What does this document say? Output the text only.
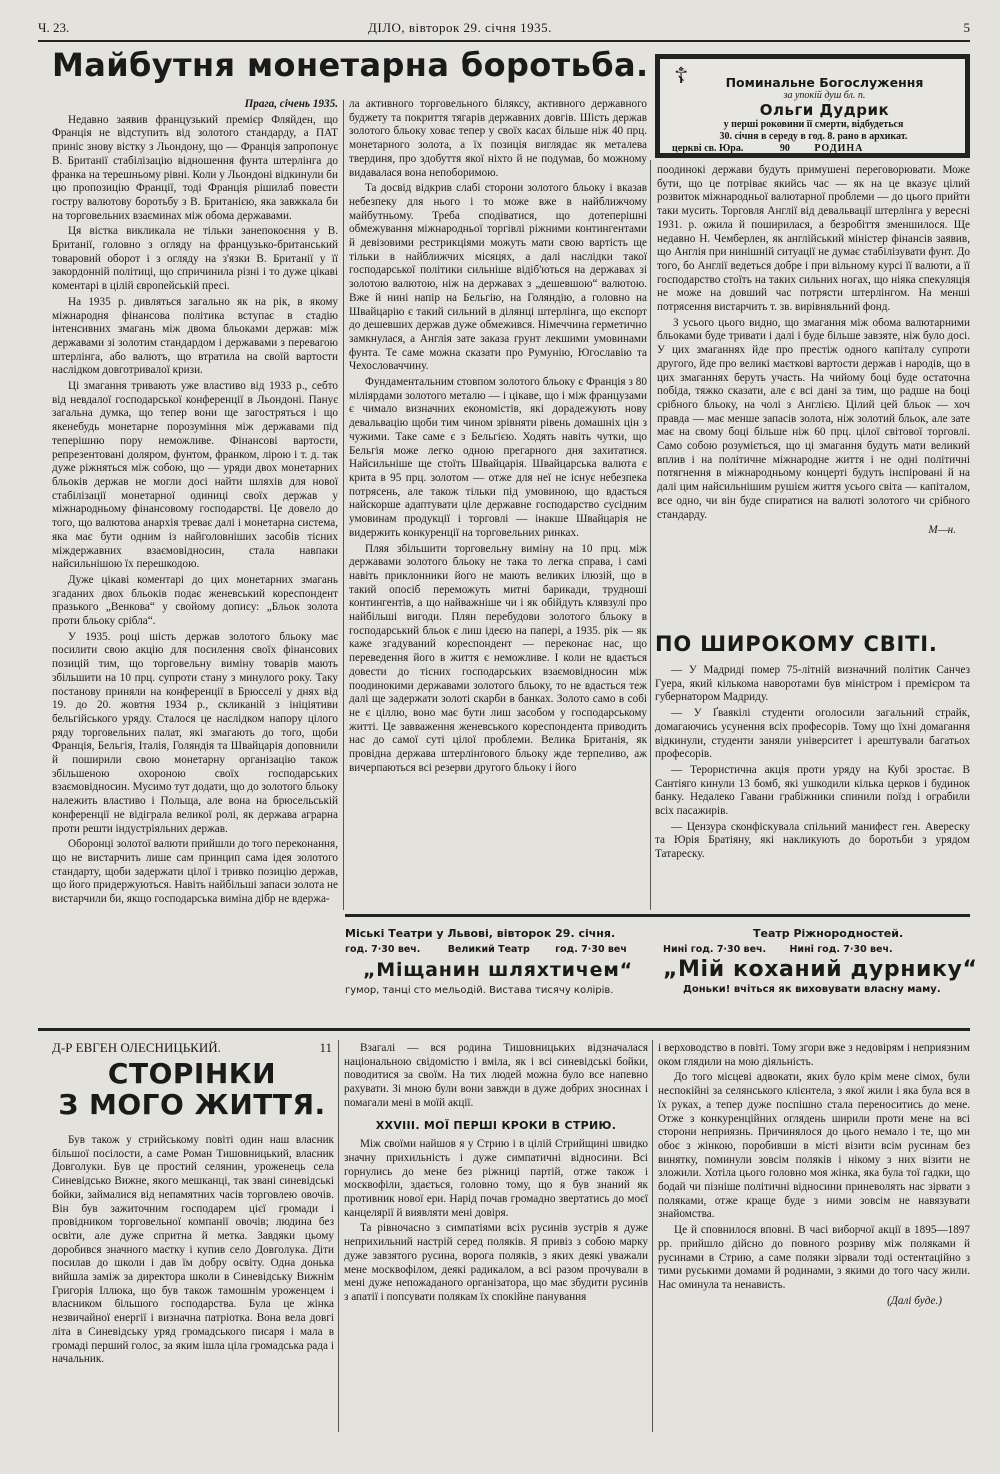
Ч. 23.	ДІЛО, вівторок 29. січня 1935.	5
Майбутня монетарна боротьба.
Прага, січень 1935.

Недавно заявив французький премієр Фляйден, що Франція не відступить від золотого стандарду, а ПАТ приніс знову вістку з Льондону, що — Франція запропонує В. Британії стабілізацію відношення фунта штерлінга до франка на терешньому рівні. Коли у Льондоні відкинули би цю пропозицію Франції, тоді Франція рішилаб повести гостру валютову боротьбу з В. Британією, яка завжкала би на торговельних взаєминах між обома державами.

Ця вістка викликала не тільки занепокоєння у В. Британії, головно з огляду на французько-британський товаровий оборот і з огляду на з'язки В. Британії у її закордонній політиці, що спричинила різні і то дуже цікаві коментарі в цілій європейській пресі.

На 1935 р. дивляться загально як на рік, в якому міжнародня фінансова політика вступає в стадію інтенсивних змагань між двома бльоками держав: між державами зі золотим стандардом і державами з перевагою штерлінга, або валютъ, що втратила на своїй вартости наслідком довготривалої кризи.

Ці змагання тривають уже властиво від 1933 р., себто від невдалої господарської конференції в Льондоні. Панує загальна думка, що тепер вони ще загостряться і що якенебудь монетарне порозуміння між державами під теперішню пору неможливе. Фінансові вартости, репрезентовані доляром, фунтом, франком, лірою і т. д. так дуже ріжняться між собою, що — уряди двох монетарних бльоків держав не могли досі найти шляхів для нової стабілізації монетарної одиниці своїх держав у міжнародньому фінансовому господарстві. Це довело до того, що валютова анархія треває далі і монетарна система, яка має бути одним із найголовніших засобів тісних міждержавних взаємовідносин, стала навпаки найсильнішою їх перешкодою.

Дуже цікаві коментарі до цих монетарних змагань згаданих двох бльоків подає женевський кореспондент празького „Венкова“ у свойому допису: „Бльок золота проти бльоку срібла“.

У 1935. році шість держав золотого бльоку має посилити свою акцію для посилення своїх фінансових позицій тим, що торговельну виміну товарів мають збільшити на 10 прц. супроти стану з минулого року. Таку постанову приняли на конференції в Брюсселі у днях від 19. до 20. жовтня 1934 р., скликаній з ініціятиви бельгійського уряду. Сталося це наслідком напору цілого ряду торговельних палат, які змагають до того, щоби Франція, Бельгія, Італія, Голяндія та Швайцарія доповнили й поширили свою монетарну організацію також збільшеною охороною своїх господарських взаємовідносин. Мусимо тут додати, що до золотого бльоку належить властиво і Польща, але вона на брюсельській конференції не відіграла великої ролі, як держава аграрна проти решти індустріяльних держав.

Оборонці золотої валюти прийшли до того переконання, що не вистарчить лише сам принцип сама ідея золотого стандарту, щоби задержати цілої і тривко позицію держав, що його придержуються. Навіть найбільші запаси золота не вистарчили би, якщо господарська виміна дібр не вдержа-

ла активного торговельного біляксу, активного державного буджету та покриття тягарів державних довгів. Шість держав золотого бльоку ховає тепер у своїх касах більше ніж 40 прц. монетарного золота, а їх позиція виглядає як металева твердиня, про здобуття якої ніхто й не подумав, бо можному видавалася вона непоборимою.

Та досвід відкрив слабі сторони золотого бльоку і вказав небезпеку для нього і то може вже в найближчому майбутньому. Треба сподіватися, що дотеперішні обмежування міжнародньої торгівлі ріжними контингентами й девізовими рестрикціями можуть мати свою вартість ще тільки в найближчих місяцях, а далі наслідки такої господарської політики сильніше відіб'ються на державах зі золотою валютою, ніж на державах з „дешевшою“ валютою. Вже й нині напір на Бельгію, на Голяндію, а головно на Швайцарію є такий сильний в ділянці штерлінга, що експорт до дешевших держав дуже обмежився. Німеччина герметично замкнулася, а Англія зате заказа грунт лекшими умовинами фунта. Те саме можна сказати про Румунію, Югославію та Чехословаччину.

Фундаментальним стовпом золотого бльоку є Франція з 80 міліярдами золотого металю — і цікаве, що і між французами є чимало визначних економістів, які дорадежують нову девальвацію щоби тим чином зрівняти рівень домашніх цін з чужими. Таке саме є з Бельгією. Ходять навіть чутки, що Бельгія може легко одною прегарного дня захитатися. Найсильніше ще стоїть Швайцарія. Швайцарська валюта є крита в 95 прц. золотом — отже для неї не існує небезпека потрясень, але також тільки під умовиною, що вдасться найскорше адаптувати ціле державне господарство сусідним умовинам продукції і торговлі — інакше Швайцарія не видержить конкуренції на торговельних ринках.

Пляя збільшити торговельну виміну на 10 прц. між державами золотого бльоку не така то легка справа, і самі навіть приклонники його не мають великих ілюзій, що в такий опосіб переможуть митні барикади, трудноші контингентів, а що найважніше чи і як обійдуть клявзулі про найбільші вигоди. Плян перебудови золотого бльоку в господарський бльок є лиш ідеєю на папері, а 1935. рік — як каже згадуваний кореспондент — переконає нас, що переведення його в життя є неможливе. І коли не вдається довести до тісних господарських взаємовідносин між поодинокими державами золотого бльоку, то не вдасться теж далі ще задержати золоті скарби в банках. Золото само в собі не є ціллю, воно має бути лиш засобом у господарському житті. Це завваження женевського кореспондента приводить нас до самої суті цілої проблеми. Велика Британія, як провідна держава штерлінґового бльоку жде терпеливо, аж вичерпаються всі резерви другого бльоку і його

☦	Поминальне Богослуження
за упокій душ бл. п.
Ольги Дудрик
у перші роковини її смерти, відбудеться
30. січня в середу в год. 8. рано в архикат.
церкві св. Юра.	90 РОДИНА

поодинокі держави будуть примушені переговорювати. Може бути, що це потріває якийсь час — як на це вказує цілий розвиток міжнародньої валютарної проблеми — до цього прийти таки мусить. Торговля Англії від девальвації штерлінга у вересні 1931. р. ожила й поширилася, а безробіття зменшилося. Ще недавно Н. Чемберлен, як англійський міністер фінансів заявив, що Англія при нинішній ситуації не думає стабілізувати фунт. До того, бо Англії ведеться добре і при вільному курсі її валюти, а її господарство стоїть на таких сильних ногах, що ніяка спекуляція не може на довший час потрясти штерлінгом. На менші потрясення вистарчить т. зв. вирівняльний фонд.

З усього цього видно, що змагання між обома валютарними бльоками буде тривати і далі і буде більше завзяте, ніж було досі. У цих змаганнях йде про престіж одного капіталу супроти другого, йде про великі маєткові вартости держав і народів, що в цих змаганнях беруть участь. На чийому боці буде остаточна побіда, тяжко сказати, але є всі дані за тим, що радше на боці срібного бльоку, на чолі з Англією. Цілий цей бльок — хоч правда — має менше запасів золота, ніж золотий бльок, але зате має на свому боці більше ніж 60 прц. цілої світової торговлі. Само собою розуміється, що ці змагання будуть мати великий вплив і на політичне міжнародне життя і не одні політичні потягнення в міжнародньому концерті будуть інспіровані й на далі цим найсильнішим рушієм життя усього світа — капіталом, все одно, чи він буде спиратися на валюті золотого чи срібного стандарду.

М—н.
ПО ШИРОКОМУ СВІТІ.

— У Мадриді помер 75-літній визначний політик Санчез Гуера, який кількома наворотами був міністром і премієром та губернатором Мадриду.

— У Ґваякілі студенти оголосили загальний страйк, домагаючись усунення всіх професорів. Тому що їхні домагання відкинули, студенти заняли університет і арештували багатьох професорів.

— Терористична акція проти уряду на Кубі зростає. В Сантіяго кинули 13 бомб, які ушкодили кілька церков і будинок банку. Недалеко Гавани грабіжники спинили поїзд і ограбили всіх пасажирів.

— Цензура сконфіскувала спільний манифест ген. Авереску та Юрія Братіяну, які накликують до боротьби з урядом Татареску.

Міські Театри у Львові, вівторок 29. січня.
год. 7·30 веч.	Великий Театр	год. 7·30 веч
„Міщанин шляхтичем“
гумор, танці сто мельодій. Вистава тисячу колірів.
Театр Ріжнородностей.
Нині год. 7·30 веч. Нині год. 7·30 веч.
„Мій коханий дурнику“
Доньки! вчіться як виховувати власну маму.
Д-Р ЕВГЕН ОЛЕСНИЦЬКИЙ.	11
СТОРІНКИ
З МОГО ЖИТТЯ.

Був також у стрийському повіті один наш власник більшої посілости, а саме Роман Тишовницький, власник Довголуки. Був це простий селянин, уроженець села Синевідсько Вижне, якого мешканці, так звані синевідські бойки, займалися від непамятних часів торговлею овочів. Він був зажиточним господарем цієї громади і провідником торговельної компанії овочів; людина без освіти, але дуже спритна й метка. Завдяки цьому доробився значного маєтку і купив село Довголука. Діти посилав до школи і дав їм добру освіту. Одна донька вийшла заміж за директора школи в Синевідську Вижнім Григорія Іллюка, що був також тамошнім уроженцем і власником більшого господарства. Була це жінка незвичайної енергії і визначна патріотка. Вона вела довгі літа в Синевідську уряд громадського писаря і мала в громаді перший голос, за яким ішла ціла громадська рада і начальник.

Взагалі — вся родина Тишовницьких відзначалася національною свідомістю і вміла, як і всі синевідські бойки, поводитися за своїм. На тих людей можна було все напевно рахувати. Зі мною були вони завжди в дуже добрих зносинах і помагали мені в моїй акції.

XXVIII. МОЇ ПЕРШІ КРОКИ В СТРИЮ.

Між своїми найшов я у Стрию і в цілій Стрийщині швидко значну прихильність і дуже симпатичні відносини. Всі горнулись до мене без ріжниці партій, отже також і москвофіли, здається, головно тому, що я був знаний як противник нової ери. Нарід почав громадно звертатись до моєї канцелярії й виявляти мені довіря.

Та рівночасно з симпатіями всіх русинів зустрів я дуже неприхильний настрій серед поляків. Я привіз з собою марку дуже завзятого русина, ворога поляків, з яких деякі уважали мене москвофілом, деякі радикалом, а всі разом прочували в мені дуже непожаданого організатора, що має збудити русинів з апатії і попсувати полякам їх спокійне панування

і верховодство в повіті. Тому згори вже з недовірям і неприязним оком глядили на мою діяльність.

До того місцеві адвокати, яких було крім мене сімох, були неспокійні за селянського клієнтела, з якої жили і яка була вся в їх руках, а тепер дуже поспішно стала переноситись до мене. Отже з конкуренційних оглядень ширили проти мене на всі сторони неприязнь. Причинялося до цього немало і те, що ми обоє з жінкою, поробивши в місті візити всім русинам без винятку, поминули зовсім поляків і нікому з них візити не зложили. Хотіла цього головно моя жінка, яка була тої гадки, що бодай чи пізніше політичні відносини приневолять нас зірвати з поляками, отже краще буде з ними зовсім не навязувати знайомства.

Це й сповнилося вповні. В часі виборчої акції в 1895—1897 рр. прийшло дійсно до повного розриву між поляками й русинами в Стрию, а саме поляки зірвали тоді остентаційно з тими руськими домами й родинами, з якими до того часу жили. Нас оминула та ненависть.

(Далі буде.)
